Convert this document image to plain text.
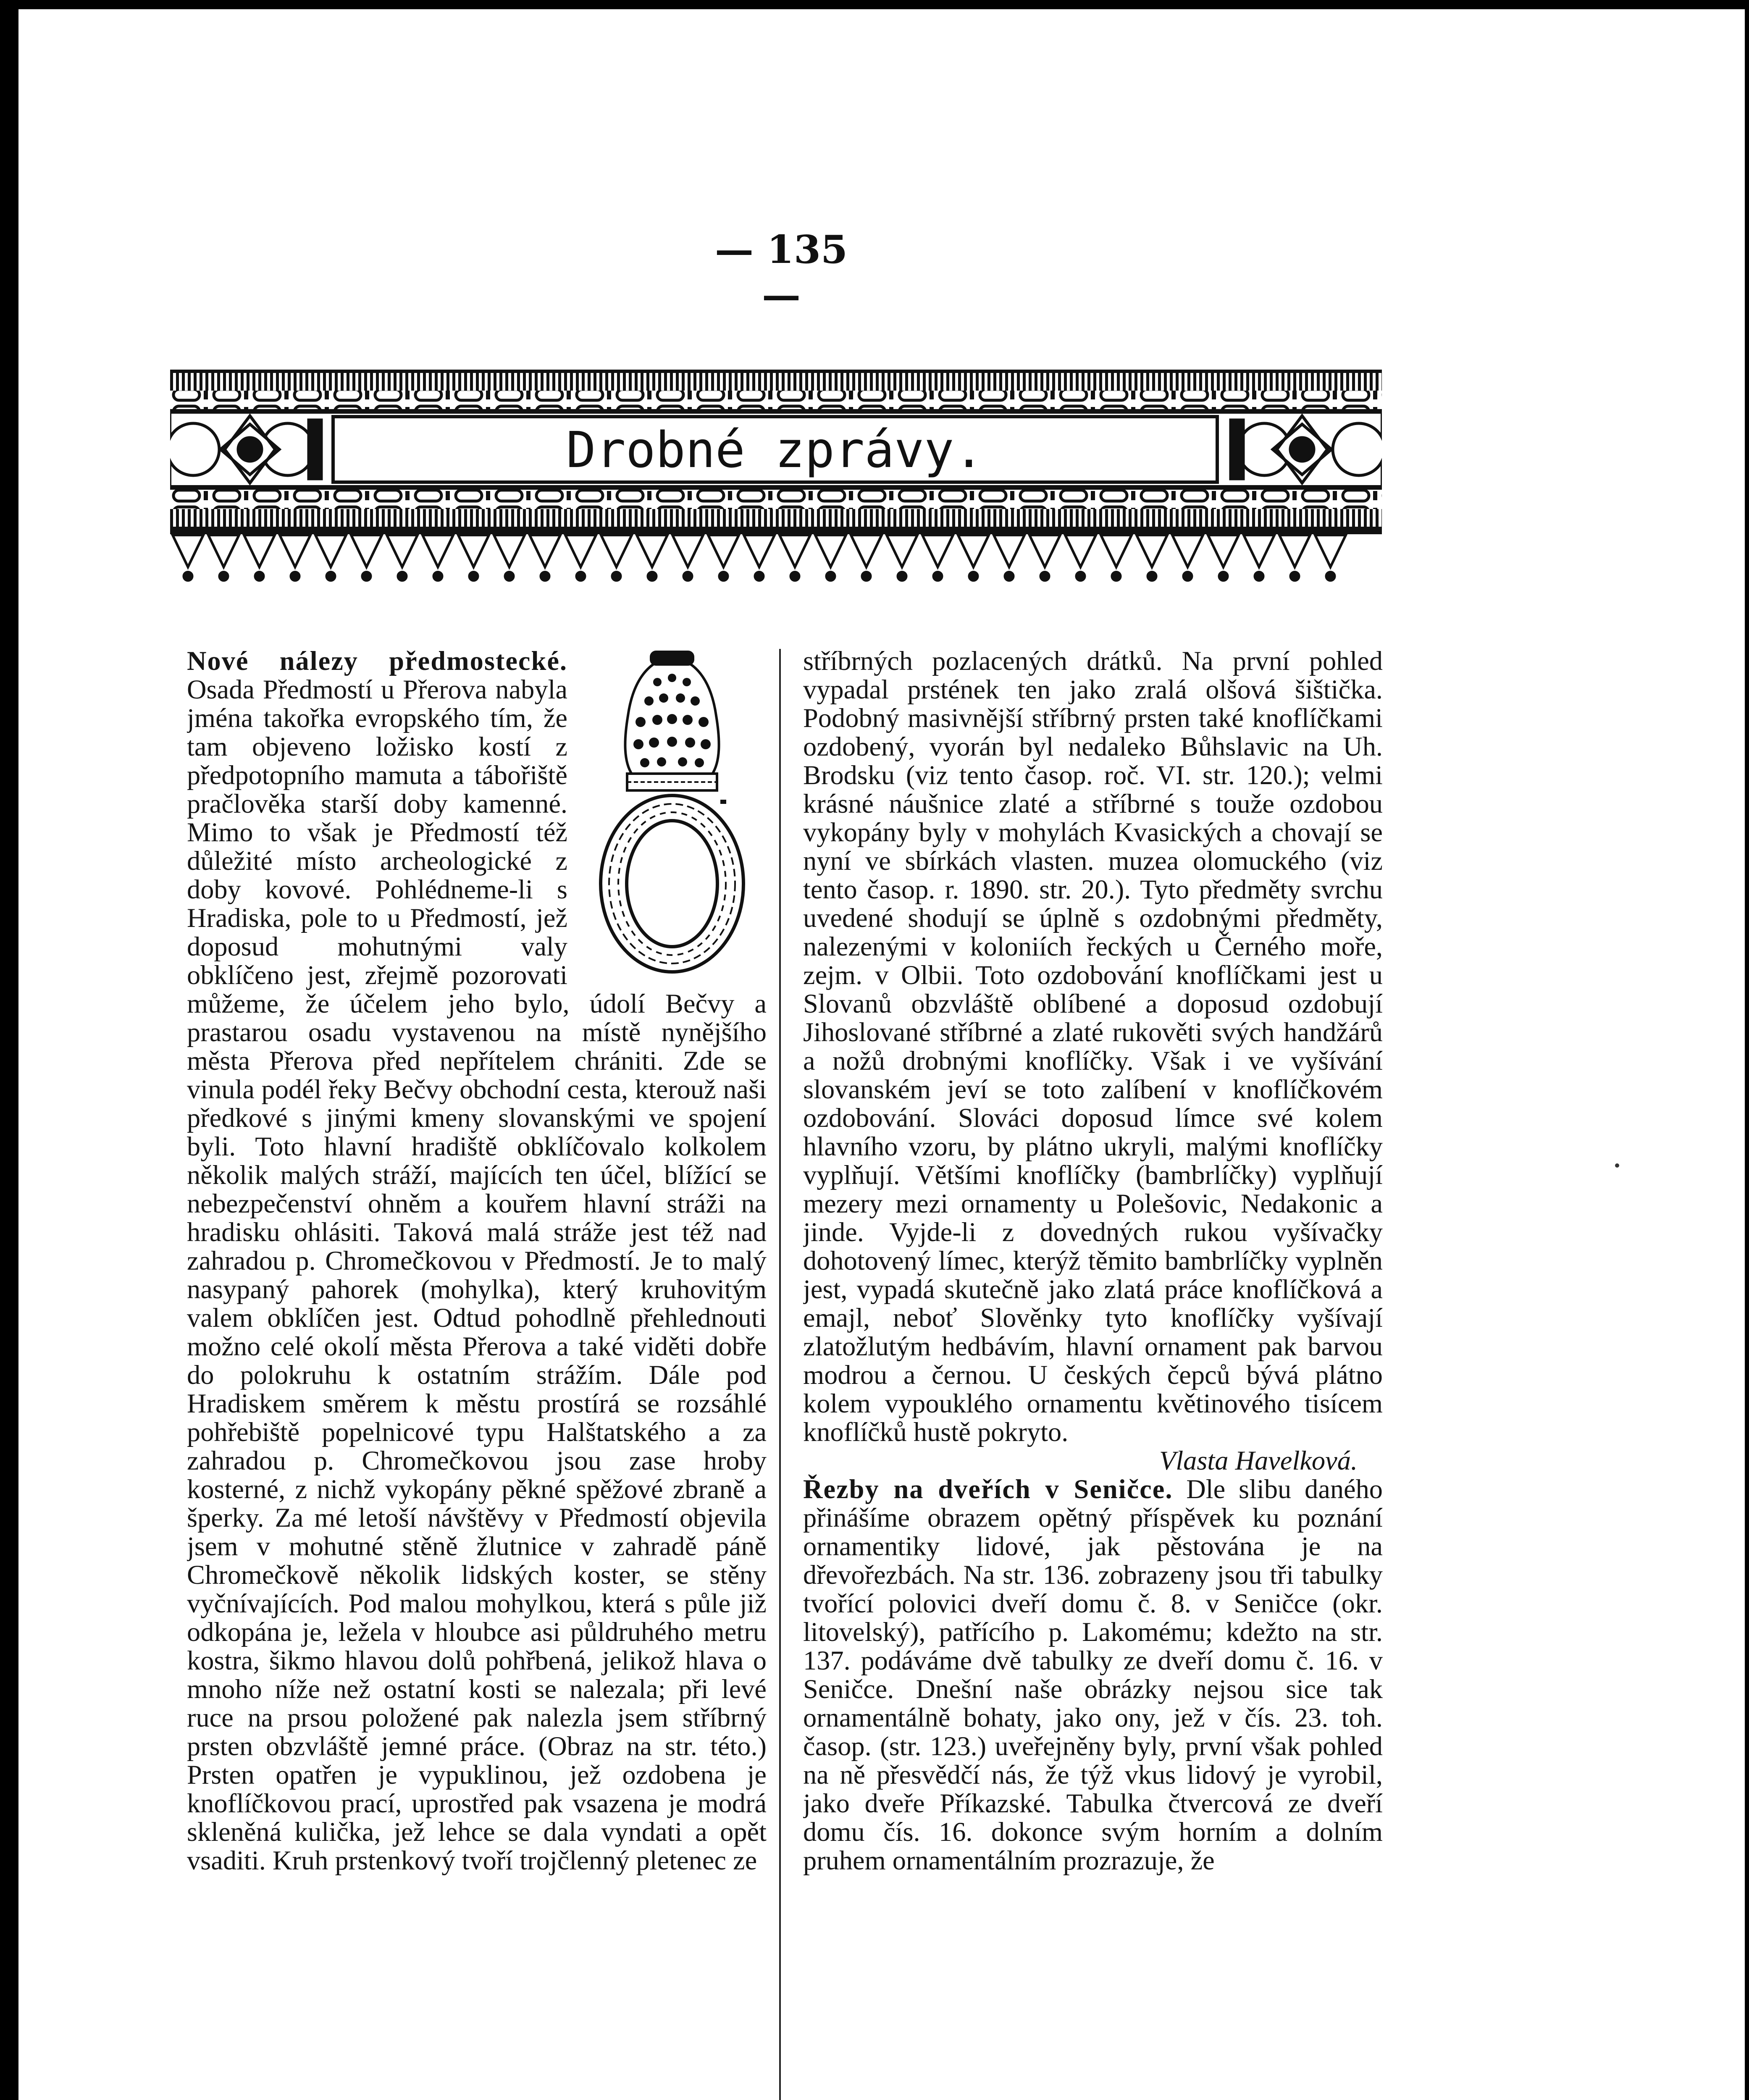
— 135 —
Drobné zprávy.

Nové nálezy předmostecké. Osada Předmostí u Přerova nabyla jména takořka evropského tím, že tam objeveno ložisko kostí z předpotopního mamuta a tábořiště pračlověka starší doby kamenné. Mimo to však je Předmostí též důležité místo archeologické z doby kovové. Pohlédneme-li s Hradiska, pole to u Předmostí, jež doposud mohutnými valy obklíčeno jest, zřejmě pozorovati můžeme, že účelem jeho bylo, údolí Bečvy a prastarou osadu vystavenou na místě nynějšího města Přerova před nepřítelem chrániti. Zde se vinula podél řeky Bečvy obchodní cesta, kterouž naši předkové s jinými kmeny slovanskými ve spojení byli. Toto hlavní hradiště obklíčovalo kolkolem několik malých stráží, majících ten účel, blížící se nebezpečenství ohněm a kouřem hlavní stráži na hradisku ohlásiti. Taková malá stráže jest též nad zahradou p. Chromečkovou v Předmostí. Je to malý nasypaný pahorek (mohylka), který kruhovitým valem obklíčen jest. Odtud pohodlně přehlednouti možno celé okolí města Přerova a také viděti dobře do polokruhu k ostatním strážím. Dále pod Hradiskem směrem k městu prostírá se rozsáhlé pohřebiště popelnicové typu Halštatského a za zahradou p. Chromečkovou jsou zase hroby kosterné, z nichž vykopány pěkné spěžové zbraně a šperky. Za mé letoší návštěvy v Předmostí objevila jsem v mohutné stěně žlutnice v zahradě páně Chromečkově několik lidských koster, se stěny vyčnívajících. Pod malou mohylkou, která s půle již odkopána je, ležela v hloubce asi půldruhého metru kostra, šikmo hlavou dolů pohřbená, jelikož hlava o mnoho níže než ostatní kosti se nalezala; při levé ruce na prsou položené pak nalezla jsem stříbrný prsten obzvláště jemné práce. (Obraz na str. této.) Prsten opatřen je vypuklinou, jež ozdobena je knoflíčkovou prací, uprostřed pak vsazena je modrá skleněná kulička, jež lehce se dala vyndati a opět vsaditi. Kruh prstenkový tvoří trojčlenný pletenec ze

stříbrných pozlacených drátků. Na první pohled vypadal prstének ten jako zralá olšová šištička. Podobný masivnější stříbrný prsten také knoflíčkami ozdobený, vyorán byl nedaleko Bůhslavic na Uh. Brodsku (viz tento časop. roč. VI. str. 120.); velmi krásné náušnice zlaté a stříbrné s touže ozdobou vykopány byly v mohylách Kvasických a chovají se nyní ve sbírkách vlasten. muzea olomuckého (viz tento časop. r. 1890. str. 20.). Tyto předměty svrchu uvedené shodují se úplně s ozdobnými předměty, nalezenými v koloniích řeckých u Černého moře, zejm. v Olbii. Toto ozdobování knoflíčkami jest u Slovanů obzvláště oblíbené a doposud ozdobují Jihoslované stříbrné a zlaté rukověti svých handžárů a nožů drobnými knoflíčky. Však i ve vyšívání slovanském jeví se toto zalíbení v knoflíčkovém ozdobování. Slováci doposud límce své kolem hlavního vzoru, by plátno ukryli, malými knoflíčky vyplňují. Většími knoflíčky (bambrlíčky) vyplňují mezery mezi ornamenty u Polešovic, Nedakonic a jinde. Vyjde-li z dovedných rukou vyšívačky dohotovený límec, kterýž těmito bambrlíčky vyplněn jest, vypadá skutečně jako zlatá práce knoflíčková a emajl, neboť Slověnky tyto knoflíčky vyšívají zlatožlutým hedbávím, hlavní ornament pak barvou modrou a černou. U českých čepců bývá plátno kolem vypouklého ornamentu květinového tisícem knoflíčků hustě pokryto.

Vlasta Havelková.

Řezby na dveřích v Seničce. Dle slibu daného přinášíme obrazem opětný příspěvek ku poznání ornamentiky lidové, jak pěstována je na dřevořezbách. Na str. 136. zobrazeny jsou tři tabulky tvořící polovici dveří domu č. 8. v Seničce (okr. litovelský), patřícího p. Lakomému; kdežto na str. 137. podáváme dvě tabulky ze dveří domu č. 16. v Seničce. Dnešní naše obrázky nejsou sice tak ornamentálně bohaty, jako ony, jež v čís. 23. toh. časop. (str. 123.) uveřejněny byly, první však pohled na ně přesvědčí nás, že týž vkus lidový je vyrobil, jako dveře Příkazské. Tabulka čtvercová ze dveří domu čís. 16. dokonce svým horním a dolním pruhem ornamentálním prozrazuje, že
